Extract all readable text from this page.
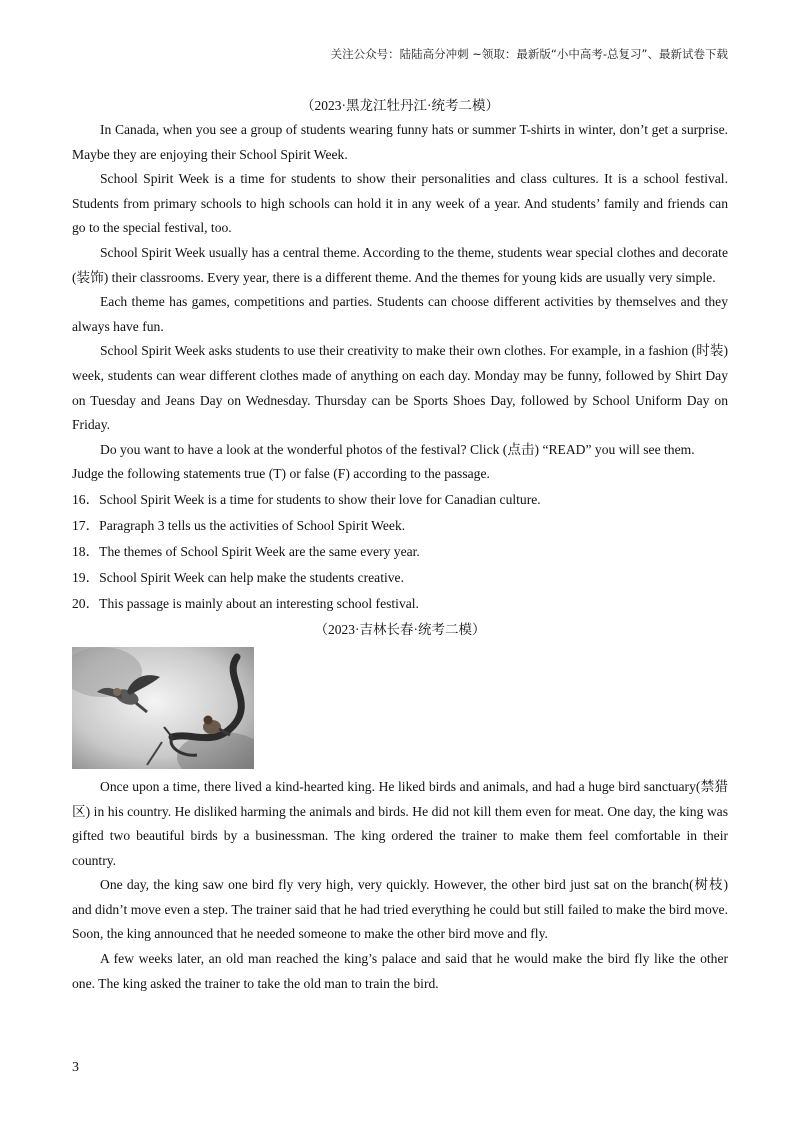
关注公众号：陆陆高分冲刺 ~领取：最新版“小中高考-总复习”、最新试卷下载
（2023·黑龙江牡丹江·统考二模）

In Canada, when you see a group of students wearing funny hats or summer T-shirts in winter, don’t get a surprise. Maybe they are enjoying their School Spirit Week.

School Spirit Week is a time for students to show their personalities and class cultures. It is a school festival. Students from primary schools to high schools can hold it in any week of a year. And students’ family and friends can go to the special festival, too.

School Spirit Week usually has a central theme. According to the theme, students wear special clothes and decorate (装饰) their classrooms. Every year, there is a different theme. And the themes for young kids are usually very simple.

Each theme has games, competitions and parties. Students can choose different activities by themselves and they always have fun.

School Spirit Week asks students to use their creativity to make their own clothes. For example, in a fashion (时装) week, students can wear different clothes made of anything on each day. Monday may be funny, followed by Shirt Day on Tuesday and Jeans Day on Wednesday. Thursday can be Sports Shoes Day, followed by School Uniform Day on Friday.

Do you want to have a look at the wonderful photos of the festival? Click (点击) “READ” you will see them.

Judge the following statements true (T) or false (F) according to the passage.

16．School Spirit Week is a time for students to show their love for Canadian culture.

17．Paragraph 3 tells us the activities of School Spirit Week.

18．The themes of School Spirit Week are the same every year.

19．School Spirit Week can help make the students creative.

20．This passage is mainly about an interesting school festival.

（2023·吉林长春·统考二模）

Once upon a time, there lived a kind-hearted king. He liked birds and animals, and had a huge bird sanctuary(禁猎区) in his country. He disliked harming the animals and birds. He did not kill them even for meat. One day, the king was gifted two beautiful birds by a businessman. The king ordered the trainer to make them feel comfortable in their country.

One day, the king saw one bird fly very high, very quickly. However, the other bird just sat on the branch(树枝) and didn’t move even a step. The trainer said that he had tried everything he could but still failed to make the bird move. Soon, the king announced that he needed someone to make the other bird move and fly.

A few weeks later, an old man reached the king’s palace and said that he would make the bird fly like the other one. The king asked the trainer to take the old man to train the bird.

3
